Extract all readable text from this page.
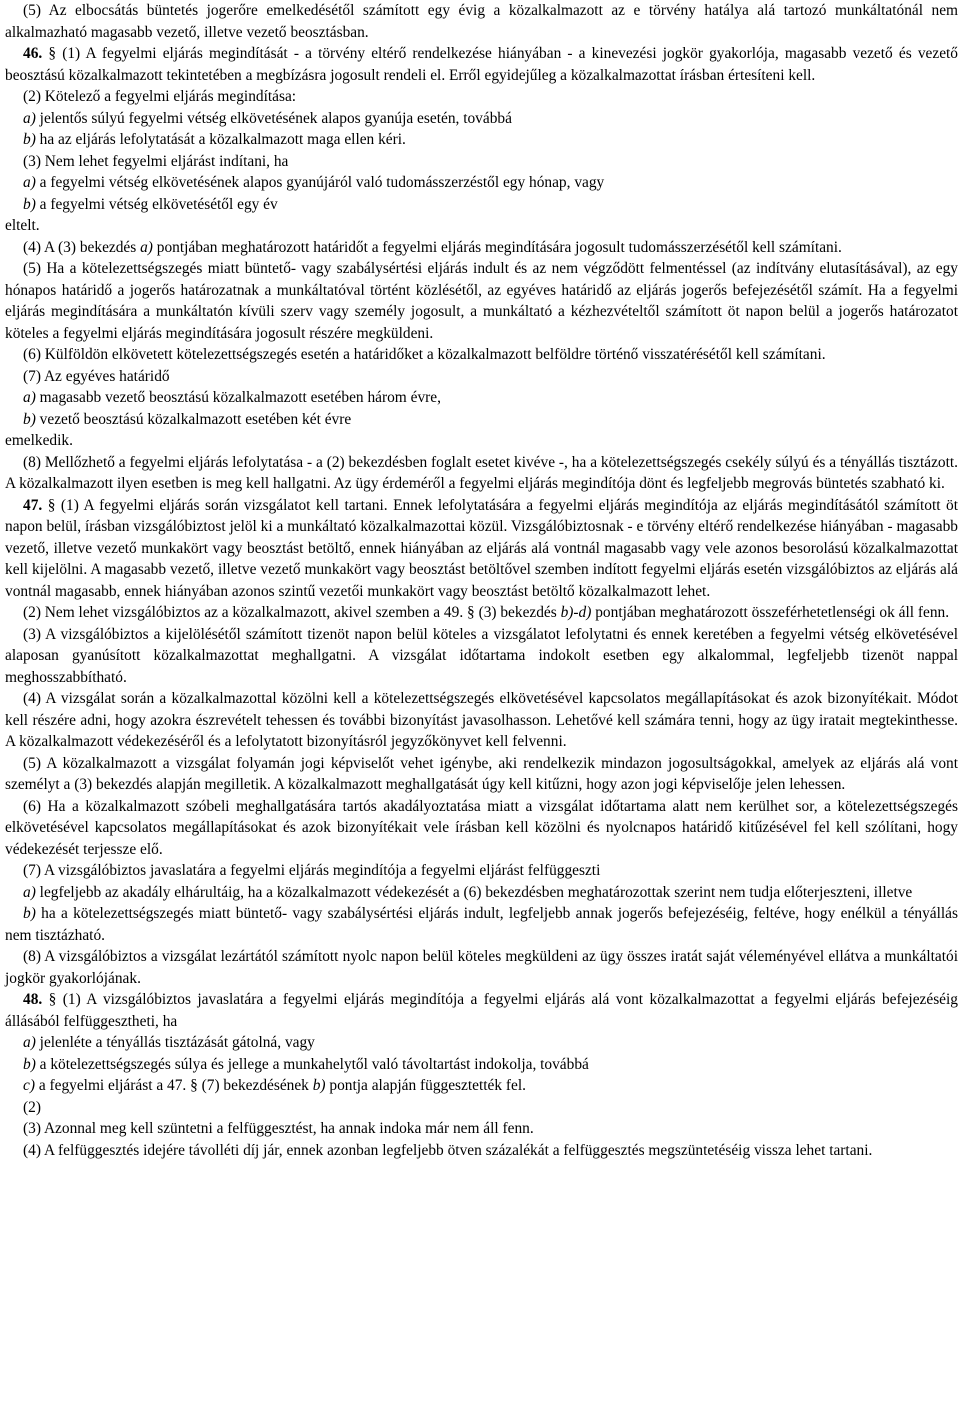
(5) Az elbocsátás büntetés jogerőre emelkedésétől számított egy évig a közalkalmazott az e törvény hatálya alá tartozó munkáltatónál nem alkalmazható magasabb vezető, illetve vezető beosztásban.

46. § (1) A fegyelmi eljárás megindítását - a törvény eltérő rendelkezése hiányában - a kinevezési jogkör gyakorlója, magasabb vezető és vezető beosztású közalkalmazott tekintetében a megbízásra jogosult rendeli el. Erről egyidejűleg a közalkalmazottat írásban értesíteni kell.

(2) Kötelező a fegyelmi eljárás megindítása:

a) jelentős súlyú fegyelmi vétség elkövetésének alapos gyanúja esetén, továbbá

b) ha az eljárás lefolytatását a közalkalmazott maga ellen kéri.

(3) Nem lehet fegyelmi eljárást indítani, ha

a) a fegyelmi vétség elkövetésének alapos gyanújáról való tudomásszerzéstől egy hónap, vagy

b) a fegyelmi vétség elkövetésétől egy év

eltelt.

(4) A (3) bekezdés a) pontjában meghatározott határidőt a fegyelmi eljárás megindítására jogosult tudomásszerzésétől kell számítani.

(5) Ha a kötelezettségszegés miatt büntető- vagy szabálysértési eljárás indult és az nem végződött felmentéssel (az indítvány elutasításával), az egy hónapos határidő a jogerős határozatnak a munkáltatóval történt közlésétől, az egyéves határidő az eljárás jogerős befejezésétől számít. Ha a fegyelmi eljárás megindítására a munkáltatón kívüli szerv vagy személy jogosult, a munkáltató a kézhezvételtől számított öt napon belül a jogerős határozatot köteles a fegyelmi eljárás megindítására jogosult részére megküldeni.

(6) Külföldön elkövetett kötelezettségszegés esetén a határidőket a közalkalmazott belföldre történő visszatérésétől kell számítani.

(7) Az egyéves határidő

a) magasabb vezető beosztású közalkalmazott esetében három évre,

b) vezető beosztású közalkalmazott esetében két évre

emelkedik.

(8) Mellőzhető a fegyelmi eljárás lefolytatása - a (2) bekezdésben foglalt esetet kivéve -, ha a kötelezettségszegés csekély súlyú és a tényállás tisztázott. A közalkalmazott ilyen esetben is meg kell hallgatni. Az ügy érdeméről a fegyelmi eljárás megindítója dönt és legfeljebb megrovás büntetés szabható ki.

47. § (1) A fegyelmi eljárás során vizsgálatot kell tartani. Ennek lefolytatására a fegyelmi eljárás megindítója az eljárás megindításától számított öt napon belül, írásban vizsgálóbiztost jelöl ki a munkáltató közalkalmazottai közül. Vizsgálóbiztosnak - e törvény eltérő rendelkezése hiányában - magasabb vezető, illetve vezető munkakört vagy beosztást betöltő, ennek hiányában az eljárás alá vontnál magasabb vagy vele azonos besorolású közalkalmazottat kell kijelölni. A magasabb vezető, illetve vezető munkakört vagy beosztást betöltővel szemben indított fegyelmi eljárás esetén vizsgálóbiztos az eljárás alá vontnál magasabb, ennek hiányában azonos szintű vezetői munkakört vagy beosztást betöltő közalkalmazott lehet.

(2) Nem lehet vizsgálóbiztos az a közalkalmazott, akivel szemben a 49. § (3) bekezdés b)-d) pontjában meghatározott összeférhetetlenségi ok áll fenn.

(3) A vizsgálóbiztos a kijelölésétől számított tizenöt napon belül köteles a vizsgálatot lefolytatni és ennek keretében a fegyelmi vétség elkövetésével alaposan gyanúsított közalkalmazottat meghallgatni. A vizsgálat időtartama indokolt esetben egy alkalommal, legfeljebb tizenöt nappal meghosszabbítható.

(4) A vizsgálat során a közalkalmazottal közölni kell a kötelezettségszegés elkövetésével kapcsolatos megállapításokat és azok bizonyítékait. Módot kell részére adni, hogy azokra észrevételt tehessen és további bizonyítást javasolhasson. Lehetővé kell számára tenni, hogy az ügy iratait megtekinthesse. A közalkalmazott védekezéséről és a lefolytatott bizonyításról jegyzőkönyvet kell felvenni.

(5) A közalkalmazott a vizsgálat folyamán jogi képviselőt vehet igénybe, aki rendelkezik mindazon jogosultságokkal, amelyek az eljárás alá vont személyt a (3) bekezdés alapján megilletik. A közalkalmazott meghallgatását úgy kell kitűzni, hogy azon jogi képviselője jelen lehessen.

(6) Ha a közalkalmazott szóbeli meghallgatására tartós akadályoztatása miatt a vizsgálat időtartama alatt nem kerülhet sor, a kötelezettségszegés elkövetésével kapcsolatos megállapításokat és azok bizonyítékait vele írásban kell közölni és nyolcnapos határidő kitűzésével fel kell szólítani, hogy védekezését terjessze elő.

(7) A vizsgálóbiztos javaslatára a fegyelmi eljárás megindítója a fegyelmi eljárást felfüggeszti

a) legfeljebb az akadály elhárultáig, ha a közalkalmazott védekezését a (6) bekezdésben meghatározottak szerint nem tudja előterjeszteni, illetve

b) ha a kötelezettségszegés miatt büntető- vagy szabálysértési eljárás indult, legfeljebb annak jogerős befejezéséig, feltéve, hogy enélkül a tényállás nem tisztázható.

(8) A vizsgálóbiztos a vizsgálat lezártától számított nyolc napon belül köteles megküldeni az ügy összes iratát saját véleményével ellátva a munkáltatói jogkör gyakorlójának.

48. § (1) A vizsgálóbiztos javaslatára a fegyelmi eljárás megindítója a fegyelmi eljárás alá vont közalkalmazottat a fegyelmi eljárás befejezéséig állásából felfüggesztheti, ha

a) jelenléte a tényállás tisztázását gátolná, vagy

b) a kötelezettségszegés súlya és jellege a munkahelytől való távoltartást indokolja, továbbá

c) a fegyelmi eljárást a 47. § (7) bekezdésének b) pontja alapján függesztették fel.

(2)

(3) Azonnal meg kell szüntetni a felfüggesztést, ha annak indoka már nem áll fenn.

(4) A felfüggesztés idejére távolléti díj jár, ennek azonban legfeljebb ötven százalékát a felfüggesztés megszüntetéséig vissza lehet tartani.
